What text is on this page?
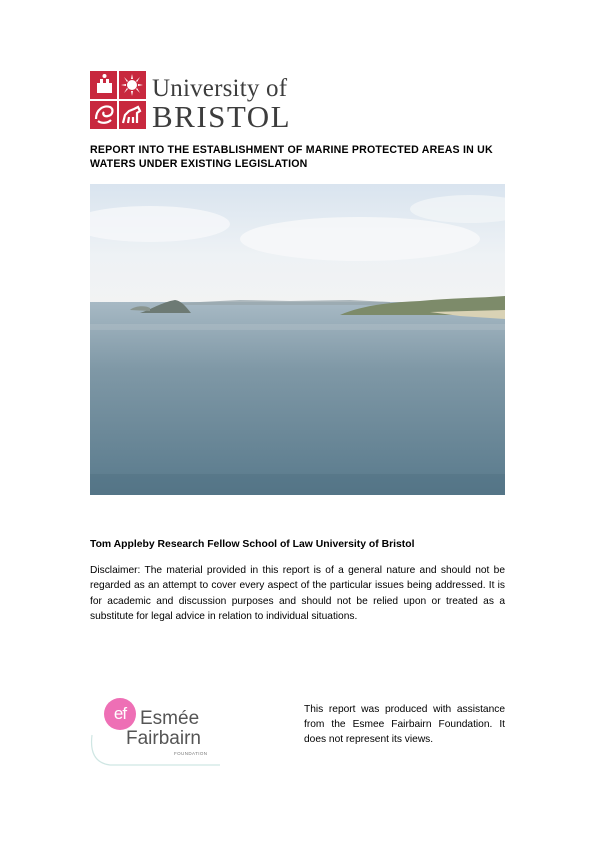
University of
BRISTOL
REPORT INTO THE ESTABLISHMENT OF MARINE PROTECTED AREAS IN UK WATERS UNDER EXISTING LEGISLATION
Tom Appleby Research Fellow School of Law University of Bristol
Disclaimer: The material provided in this report is of a general nature and should not be regarded as an attempt to cover every aspect of the particular issues being addressed. It is for academic and discussion purposes and should not be relied upon or treated as a substitute for legal advice in relation to individual situations.
ef Esmée
Fairbairn
FOUNDATION
This report was produced with assistance from the Esmee Fairbairn Foundation. It does not represent its views.
